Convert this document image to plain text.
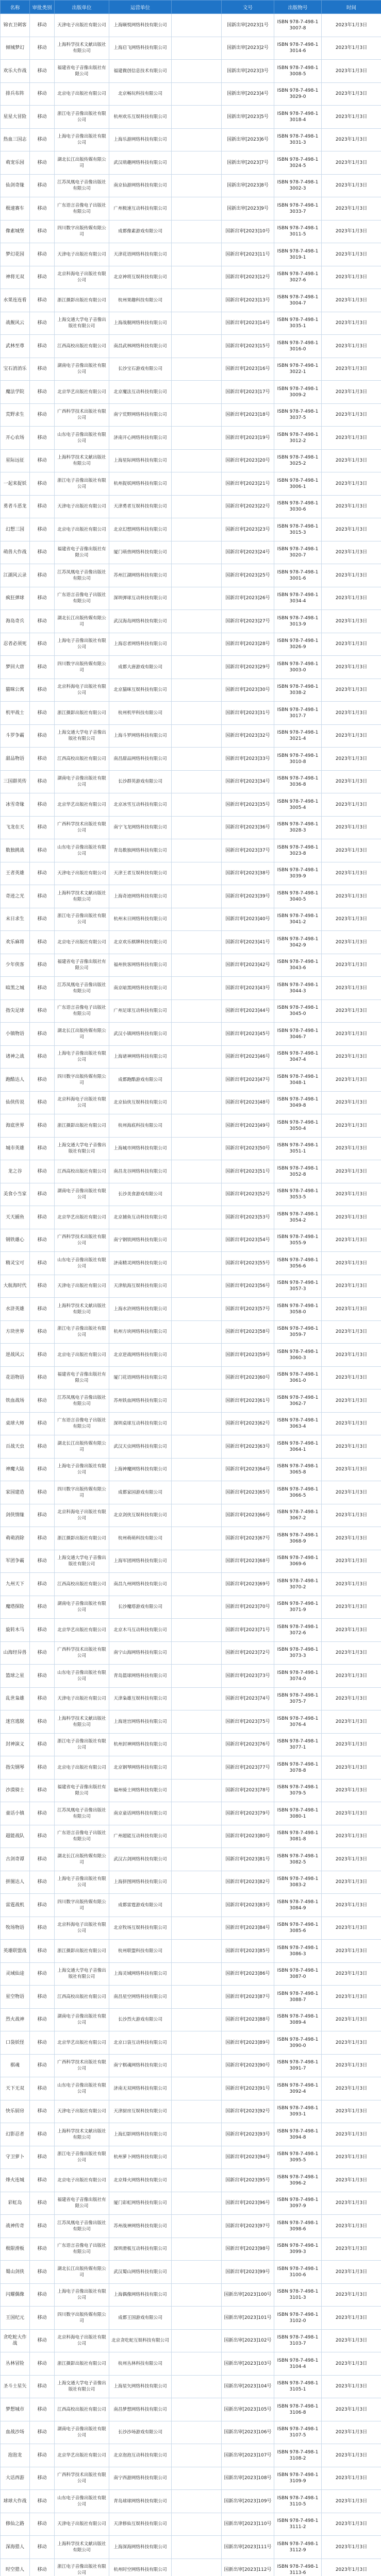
名称	审批类别	出版单位	运营单位		文号	出版物号	时间
锦衣卫刺客	移动	天津电子出版社有限公司	上海颐悦网络科技有限公司		国新出审[2023]1号	ISBN 978-7-498-13007-8	2023年1月3日
倾城梦幻	移动	上海科学技术文献出版社有限公司	上海启飞网络科技有限公司		国新出审[2023]2号	ISBN 978-7-498-13014-6	2023年1月3日
欢乐大作战	移动	福建省电子音像出版社有限公司	福建微创信息技术有限公司		国新出审[2023]3号	ISBN 978-7-498-13008-5	2023年1月3日
排兵布阵	移动	北京电子出版社有限公司	北京畅玩科技有限公司		国新出审[2023]4号	ISBN 978-7-498-13029-0	2023年1月3日
星星大冒险	移动	浙江电子音像出版社有限公司	杭州欢乐互娱科技有限公司		国新出审[2023]5号	ISBN 978-7-498-13018-4	2023年1月3日
热血三国志	移动	上海电子音像出版社有限公司	上海乐游网络科技有限公司		国新出审[2023]6号	ISBN 978-7-498-13031-3	2023年1月3日
萌宠乐园	移动	湖北长江出版传媒有限公司	武汉萌趣网络科技有限公司		国新出审[2023]7号	ISBN 978-7-498-13024-5	2023年1月3日
仙剑奇缘	移动	江苏凤凰电子音像出版社有限公司	南京仙游网络科技有限公司		国新出审[2023]8号	ISBN 978-7-498-13002-3	2023年1月3日
极速赛车	移动	广东语言音像电子出版社有限公司	广州极速互动科技有限公司		国新出审[2023]9号	ISBN 978-7-498-13033-7	2023年1月3日
像素城堡	移动	四川数字出版传媒有限公司	成都像素游戏有限公司		国新出审[2023]10号	ISBN 978-7-498-13011-5	2023年1月3日
梦幻花园	移动	天津电子出版社有限公司	天津花语网络科技有限公司		国新出审[2023]11号	ISBN 978-7-498-13019-1	2023年1月3日
神将无双	移动	北京科海电子出版社有限公司	北京神将互娱科技有限公司		国新出审[2023]12号	ISBN 978-7-498-13027-6	2023年1月3日
水果连连看	移动	浙江摄影出版社有限公司	杭州果趣科技有限公司		国新出审[2023]13号	ISBN 978-7-498-13004-7	2023年1月3日
战舰风云	移动	上海交通大学电子音像出版社有限公司	上海战舰网络科技有限公司		国新出审[2023]14号	ISBN 978-7-498-13035-1	2023年1月3日
武林至尊	移动	江西高校出版社有限公司	南昌武林网络科技有限公司		国新出审[2023]15号	ISBN 978-7-498-13016-0	2023年1月3日
宝石消消乐	移动	湖南电子音像出版社有限公司	长沙宝石游戏有限公司		国新出审[2023]16号	ISBN 978-7-498-13022-1	2023年1月3日
魔法学院	移动	北京华艺出版社有限公司	北京魔法互动科技有限公司		国新出审[2023]17号	ISBN 978-7-498-13009-2	2023年1月3日
荒野求生	移动	广西科学技术出版社有限公司	南宁荒野网络科技有限公司		国新出审[2023]18号	ISBN 978-7-498-13037-5	2023年1月3日
开心农场	移动	山东电子音像出版社有限公司	济南开心网络科技有限公司		国新出审[2023]19号	ISBN 978-7-498-13012-2	2023年1月3日
星际远征	移动	上海科学技术文献出版社有限公司	上海星际网络科技有限公司		国新出审[2023]20号	ISBN 978-7-498-13025-2	2023年1月3日
一起来捉妖	移动	浙江电子音像出版社有限公司	杭州捉妖网络科技有限公司		国新出审[2023]21号	ISBN 978-7-498-13006-1	2023年1月3日
勇者斗恶龙	移动	天津电子出版社有限公司	天津勇者互娱科技有限公司		国新出审[2023]22号	ISBN 978-7-498-13030-6	2023年1月3日
幻想三国	移动	北京电子出版社有限公司	北京幻想网络科技有限公司		国新出审[2023]23号	ISBN 978-7-498-13015-3	2023年1月3日
萌兽大作战	移动	福建省电子音像出版社有限公司	厦门萌兽网络科技有限公司		国新出审[2023]24号	ISBN 978-7-498-13020-7	2023年1月3日
江湖风云录	移动	江苏凤凰电子音像出版社有限公司	苏州江湖网络科技有限公司		国新出审[2023]25号	ISBN 978-7-498-13001-6	2023年1月3日
疯狂弹球	移动	广东语言音像电子出版社有限公司	深圳弹球互动科技有限公司		国新出审[2023]26号	ISBN 978-7-498-13034-4	2023年1月3日
海岛奇兵	移动	湖北长江出版传媒有限公司	武汉海岛网络科技有限公司		国新出审[2023]27号	ISBN 978-7-498-13013-9	2023年1月3日
忍者必须死	移动	上海电子音像出版社有限公司	上海忍者网络科技有限公司		国新出审[2023]28号	ISBN 978-7-498-13026-9	2023年1月3日
梦回大唐	移动	四川数字出版传媒有限公司	成都大唐游戏有限公司		国新出审[2023]29号	ISBN 978-7-498-13003-0	2023年1月3日
猫咪公寓	移动	北京科海电子出版社有限公司	北京猫咪互娱科技有限公司		国新出审[2023]30号	ISBN 978-7-498-13038-2	2023年1月3日
机甲战士	移动	浙江摄影出版社有限公司	杭州机甲科技有限公司		国新出审[2023]31号	ISBN 978-7-498-13017-7	2023年1月3日
斗罗争霸	移动	上海交通大学电子音像出版社有限公司	上海斗罗网络科技有限公司		国新出审[2023]32号	ISBN 978-7-498-13021-4	2023年1月3日
甜品物语	移动	江西高校出版社有限公司	南昌甜品网络科技有限公司		国新出审[2023]33号	ISBN 978-7-498-13010-8	2023年1月3日
三国群英传	移动	湖南电子音像出版社有限公司	长沙群英游戏有限公司		国新出审[2023]34号	ISBN 978-7-498-13036-8	2023年1月3日
冰雪奇缘	移动	北京华艺出版社有限公司	北京冰雪互动科技有限公司		国新出审[2023]35号	ISBN 978-7-498-13005-4	2023年1月3日
飞龙在天	移动	广西科学技术出版社有限公司	南宁飞龙网络科技有限公司		国新出审[2023]36号	ISBN 978-7-498-13028-3	2023年1月3日
数独挑战	移动	山东电子音像出版社有限公司	青岛数独网络科技有限公司		国新出审[2023]37号	ISBN 978-7-498-13023-8	2023年1月3日
王者英雄	移动	天津电子出版社有限公司	天津王者互娱科技有限公司		国新出审[2023]38号	ISBN 978-7-498-13039-9	2023年1月3日
奇迹之光	移动	上海科学技术文献出版社有限公司	上海奇迹网络科技有限公司		国新出审[2023]39号	ISBN 978-7-498-13040-5	2023年1月3日
末日求生	移动	浙江电子音像出版社有限公司	杭州末日网络科技有限公司		国新出审[2023]40号	ISBN 978-7-498-13041-2	2023年1月3日
欢乐麻将	移动	北京电子出版社有限公司	北京欢乐棋牌科技有限公司		国新出审[2023]41号	ISBN 978-7-498-13042-9	2023年1月3日
少年侠客	移动	福建省电子音像出版社有限公司	福州侠客网络科技有限公司		国新出审[2023]42号	ISBN 978-7-498-13043-6	2023年1月3日
暗黑之城	移动	江苏凤凰电子音像出版社有限公司	南京暗黑网络科技有限公司		国新出审[2023]43号	ISBN 978-7-498-13044-3	2023年1月3日
指尖足球	移动	广东语言音像电子出版社有限公司	广州足球互动科技有限公司		国新出审[2023]44号	ISBN 978-7-498-13045-0	2023年1月3日
小镇物语	移动	湖北长江出版传媒有限公司	武汉小镇网络科技有限公司		国新出审[2023]45号	ISBN 978-7-498-13046-7	2023年1月3日
诸神之战	移动	上海电子音像出版社有限公司	上海诸神网络科技有限公司		国新出审[2023]46号	ISBN 978-7-498-13047-4	2023年1月3日
跑酷达人	移动	四川数字出版传媒有限公司	成都跑酷游戏有限公司		国新出审[2023]47号	ISBN 978-7-498-13048-1	2023年1月3日
仙侠传说	移动	北京科海电子出版社有限公司	北京仙侠互娱科技有限公司		国新出审[2023]48号	ISBN 978-7-498-13049-8	2023年1月3日
海底世界	移动	浙江摄影出版社有限公司	杭州海底科技有限公司		国新出审[2023]49号	ISBN 978-7-498-13050-4	2023年1月3日
城市英雄	移动	上海交通大学电子音像出版社有限公司	上海城市网络科技有限公司		国新出审[2023]50号	ISBN 978-7-498-13051-1	2023年1月3日
龙之谷	移动	江西高校出版社有限公司	南昌龙谷网络科技有限公司		国新出审[2023]51号	ISBN 978-7-498-13052-8	2023年1月3日
美食小当家	移动	湖南电子音像出版社有限公司	长沙美食游戏有限公司		国新出审[2023]52号	ISBN 978-7-498-13053-5	2023年1月3日
天天捕鱼	移动	北京华艺出版社有限公司	北京捕鱼互动科技有限公司		国新出审[2023]53号	ISBN 978-7-498-13054-2	2023年1月3日
钢铁雄心	移动	广西科学技术出版社有限公司	南宁钢铁网络科技有限公司		国新出审[2023]54号	ISBN 978-7-498-13055-9	2023年1月3日
精灵宝可	移动	山东电子音像出版社有限公司	济南精灵网络科技有限公司		国新出审[2023]55号	ISBN 978-7-498-13056-6	2023年1月3日
大航海时代	移动	天津电子出版社有限公司	天津航海互娱科技有限公司		国新出审[2023]56号	ISBN 978-7-498-13057-3	2023年1月3日
水浒英雄	移动	上海科学技术文献出版社有限公司	上海水浒网络科技有限公司		国新出审[2023]57号	ISBN 978-7-498-13058-0	2023年1月3日
方块世界	移动	浙江电子音像出版社有限公司	杭州方块网络科技有限公司		国新出审[2023]58号	ISBN 978-7-498-13059-7	2023年1月3日
逆战风云	移动	北京电子出版社有限公司	北京逆战网络科技有限公司		国新出审[2023]59号	ISBN 978-7-498-13060-3	2023年1月3日
花语物语	移动	福建省电子音像出版社有限公司	厦门花语网络科技有限公司		国新出审[2023]60号	ISBN 978-7-498-13061-0	2023年1月3日
铁血战场	移动	江苏凤凰电子音像出版社有限公司	苏州铁血网络科技有限公司		国新出审[2023]61号	ISBN 978-7-498-13062-7	2023年1月3日
桌球大师	移动	广东语言音像电子出版社有限公司	深圳桌球互动科技有限公司		国新出审[2023]62号	ISBN 978-7-498-13063-4	2023年1月3日
百战天虫	移动	湖北长江出版传媒有限公司	武汉天虫网络科技有限公司		国新出审[2023]63号	ISBN 978-7-498-13064-1	2023年1月3日
神魔大陆	移动	上海电子音像出版社有限公司	上海神魔网络科技有限公司		国新出审[2023]64号	ISBN 978-7-498-13065-8	2023年1月3日
家园建造	移动	四川数字出版传媒有限公司	成都家园游戏有限公司		国新出审[2023]65号	ISBN 978-7-498-13066-5	2023年1月3日
剑侠情缘	移动	北京科海电子出版社有限公司	北京剑侠互娱科技有限公司		国新出审[2023]66号	ISBN 978-7-498-13067-2	2023年1月3日
萌萌消除	移动	浙江摄影出版社有限公司	杭州萌萌科技有限公司		国新出审[2023]67号	ISBN 978-7-498-13068-9	2023年1月3日
军团争霸	移动	上海交通大学电子音像出版社有限公司	上海军团网络科技有限公司		国新出审[2023]68号	ISBN 978-7-498-13069-6	2023年1月3日
九州天下	移动	江西高校出版社有限公司	南昌九州网络科技有限公司		国新出审[2023]69号	ISBN 978-7-498-13070-2	2023年1月3日
魔塔探险	移动	湖南电子音像出版社有限公司	长沙魔塔游戏有限公司		国新出审[2023]70号	ISBN 978-7-498-13071-9	2023年1月3日
旋转木马	移动	北京华艺出版社有限公司	北京木马互动科技有限公司		国新出审[2023]71号	ISBN 978-7-498-13072-6	2023年1月3日
山海经异兽	移动	广西科学技术出版社有限公司	南宁山海网络科技有限公司		国新出审[2023]72号	ISBN 978-7-498-13073-3	2023年1月3日
篮球之星	移动	山东电子音像出版社有限公司	青岛篮球网络科技有限公司		国新出审[2023]73号	ISBN 978-7-498-13074-0	2023年1月3日
乱世枭雄	移动	天津电子出版社有限公司	天津枭雄互娱科技有限公司		国新出审[2023]74号	ISBN 978-7-498-13075-7	2023年1月3日
迷宫逃脱	移动	上海科学技术文献出版社有限公司	上海迷宫网络科技有限公司		国新出审[2023]75号	ISBN 978-7-498-13076-4	2023年1月3日
封神演义	移动	浙江电子音像出版社有限公司	杭州封神网络科技有限公司		国新出审[2023]76号	ISBN 978-7-498-13077-1	2023年1月3日
指尖钢琴	移动	北京电子出版社有限公司	北京钢琴网络科技有限公司		国新出审[2023]77号	ISBN 978-7-498-13078-8	2023年1月3日
沙漠骑士	移动	福建省电子音像出版社有限公司	福州骑士网络科技有限公司		国新出审[2023]78号	ISBN 978-7-498-13079-5	2023年1月3日
童话小镇	移动	江苏凤凰电子音像出版社有限公司	南京童话网络科技有限公司		国新出审[2023]79号	ISBN 978-7-498-13080-1	2023年1月3日
超能战队	移动	广东语言音像电子出版社有限公司	广州超能互动科技有限公司		国新出审[2023]80号	ISBN 978-7-498-13081-8	2023年1月3日
古剑奇谭	移动	湖北长江出版传媒有限公司	武汉古剑网络科技有限公司		国新出审[2023]81号	ISBN 978-7-498-13082-5	2023年1月3日
拼图达人	移动	上海电子音像出版社有限公司	上海拼图网络科技有限公司		国新出审[2023]82号	ISBN 978-7-498-13083-2	2023年1月3日
雷霆战机	移动	四川数字出版传媒有限公司	成都雷霆游戏有限公司		国新出审[2023]83号	ISBN 978-7-498-13084-9	2023年1月3日
牧场物语	移动	北京科海电子出版社有限公司	北京牧场互娱科技有限公司		国新出审[2023]84号	ISBN 978-7-498-13085-6	2023年1月3日
英雄联盟战	移动	浙江摄影出版社有限公司	杭州联盟科技有限公司		国新出审[2023]85号	ISBN 978-7-498-13086-3	2023年1月3日
灵域仙途	移动	上海交通大学电子音像出版社有限公司	上海灵域网络科技有限公司		国新出审[2023]86号	ISBN 978-7-498-13087-0	2023年1月3日
星空物语	移动	江西高校出版社有限公司	南昌星空网络科技有限公司		国新出审[2023]87号	ISBN 978-7-498-13088-7	2023年1月3日
烈火战神	移动	湖南电子音像出版社有限公司	长沙烈火游戏有限公司		国新出审[2023]88号	ISBN 978-7-498-13089-4	2023年1月3日
口袋妖怪	移动	北京华艺出版社有限公司	北京口袋互动科技有限公司		国新出审[2023]89号	ISBN 978-7-498-13090-0	2023年1月3日
棋魂	移动	广西科学技术出版社有限公司	南宁棋魂网络科技有限公司		国新出审[2023]90号	ISBN 978-7-498-13091-7	2023年1月3日
天下无双	移动	山东电子音像出版社有限公司	济南无双网络科技有限公司		国新出审[2023]91号	ISBN 978-7-498-13092-4	2023年1月3日
快乐厨房	移动	天津电子出版社有限公司	天津厨房互娱科技有限公司		国新出审[2023]92号	ISBN 978-7-498-13093-1	2023年1月3日
幻影忍者	移动	上海科学技术文献出版社有限公司	上海幻影网络科技有限公司		国新出审[2023]93号	ISBN 978-7-498-13094-8	2023年1月3日
守卫萝卜	移动	浙江电子音像出版社有限公司	杭州萝卜网络科技有限公司		国新出审[2023]94号	ISBN 978-7-498-13095-5	2023年1月3日
烽火连城	移动	北京电子出版社有限公司	北京烽火网络科技有限公司		国新出审[2023]95号	ISBN 978-7-498-13096-2	2023年1月3日
彩虹岛	移动	福建省电子音像出版社有限公司	厦门彩虹网络科技有限公司		国新出审[2023]96号	ISBN 978-7-498-13097-9	2023年1月3日
战神传奇	移动	江苏凤凰电子音像出版社有限公司	苏州战神网络科技有限公司		国新出审[2023]97号	ISBN 978-7-498-13098-6	2023年1月3日
极限滑板	移动	广东语言音像电子出版社有限公司	深圳滑板互动科技有限公司		国新出审[2023]98号	ISBN 978-7-498-13099-3	2023年1月3日
蜀山剑侠	移动	湖北长江出版传媒有限公司	武汉蜀山网络科技有限公司		国新出审[2023]99号	ISBN 978-7-498-13100-6	2023年1月3日
闪耀偶像	移动	上海电子音像出版社有限公司	上海偶像网络科技有限公司		国新出审[2023]100号	ISBN 978-7-498-13101-3	2023年1月3日
王国纪元	移动	四川数字出版传媒有限公司	成都王国游戏有限公司		国新出审[2023]101号	ISBN 978-7-498-13102-0	2023年1月3日
贪吃蛇大作战	移动	北京科海电子出版社有限公司	北京贪吃蛇互娱科技有限公司		国新出审[2023]102号	ISBN 978-7-498-13103-7	2023年1月3日
丛林冒险	移动	浙江摄影出版社有限公司	杭州丛林科技有限公司		国新出审[2023]103号	ISBN 978-7-498-13104-4	2023年1月3日
圣斗士星矢	移动	上海交通大学电子音像出版社有限公司	上海星矢网络科技有限公司		国新出审[2023]104号	ISBN 978-7-498-13105-1	2023年1月3日
梦想城市	移动	江西高校出版社有限公司	南昌梦想网络科技有限公司		国新出审[2023]105号	ISBN 978-7-498-13106-8	2023年1月3日
血战沙场	移动	湖南电子音像出版社有限公司	长沙沙场游戏有限公司		国新出审[2023]106号	ISBN 978-7-498-13107-5	2023年1月3日
泡泡龙	移动	北京华艺出版社有限公司	北京泡泡互动科技有限公司		国新出审[2023]107号	ISBN 978-7-498-13108-2	2023年1月3日
大话西游	移动	广西科学技术出版社有限公司	南宁西游网络科技有限公司		国新出审[2023]108号	ISBN 978-7-498-13109-9	2023年1月3日
球球大作战	移动	山东电子音像出版社有限公司	青岛球球网络科技有限公司		国新出审[2023]109号	ISBN 978-7-498-13110-5	2023年1月3日
修仙之路	移动	天津电子出版社有限公司	天津修仙互娱科技有限公司		国新出审[2023]110号	ISBN 978-7-498-13111-2	2023年1月3日
深海猎人	移动	上海科学技术文献出版社有限公司	上海深海网络科技有限公司		国新出审[2023]111号	ISBN 978-7-498-13112-9	2023年1月3日
时空猎人	移动	浙江电子音像出版社有限公司	杭州时空网络科技有限公司		国新出审[2023]112号	ISBN 978-7-498-13113-6	2023年1月3日
